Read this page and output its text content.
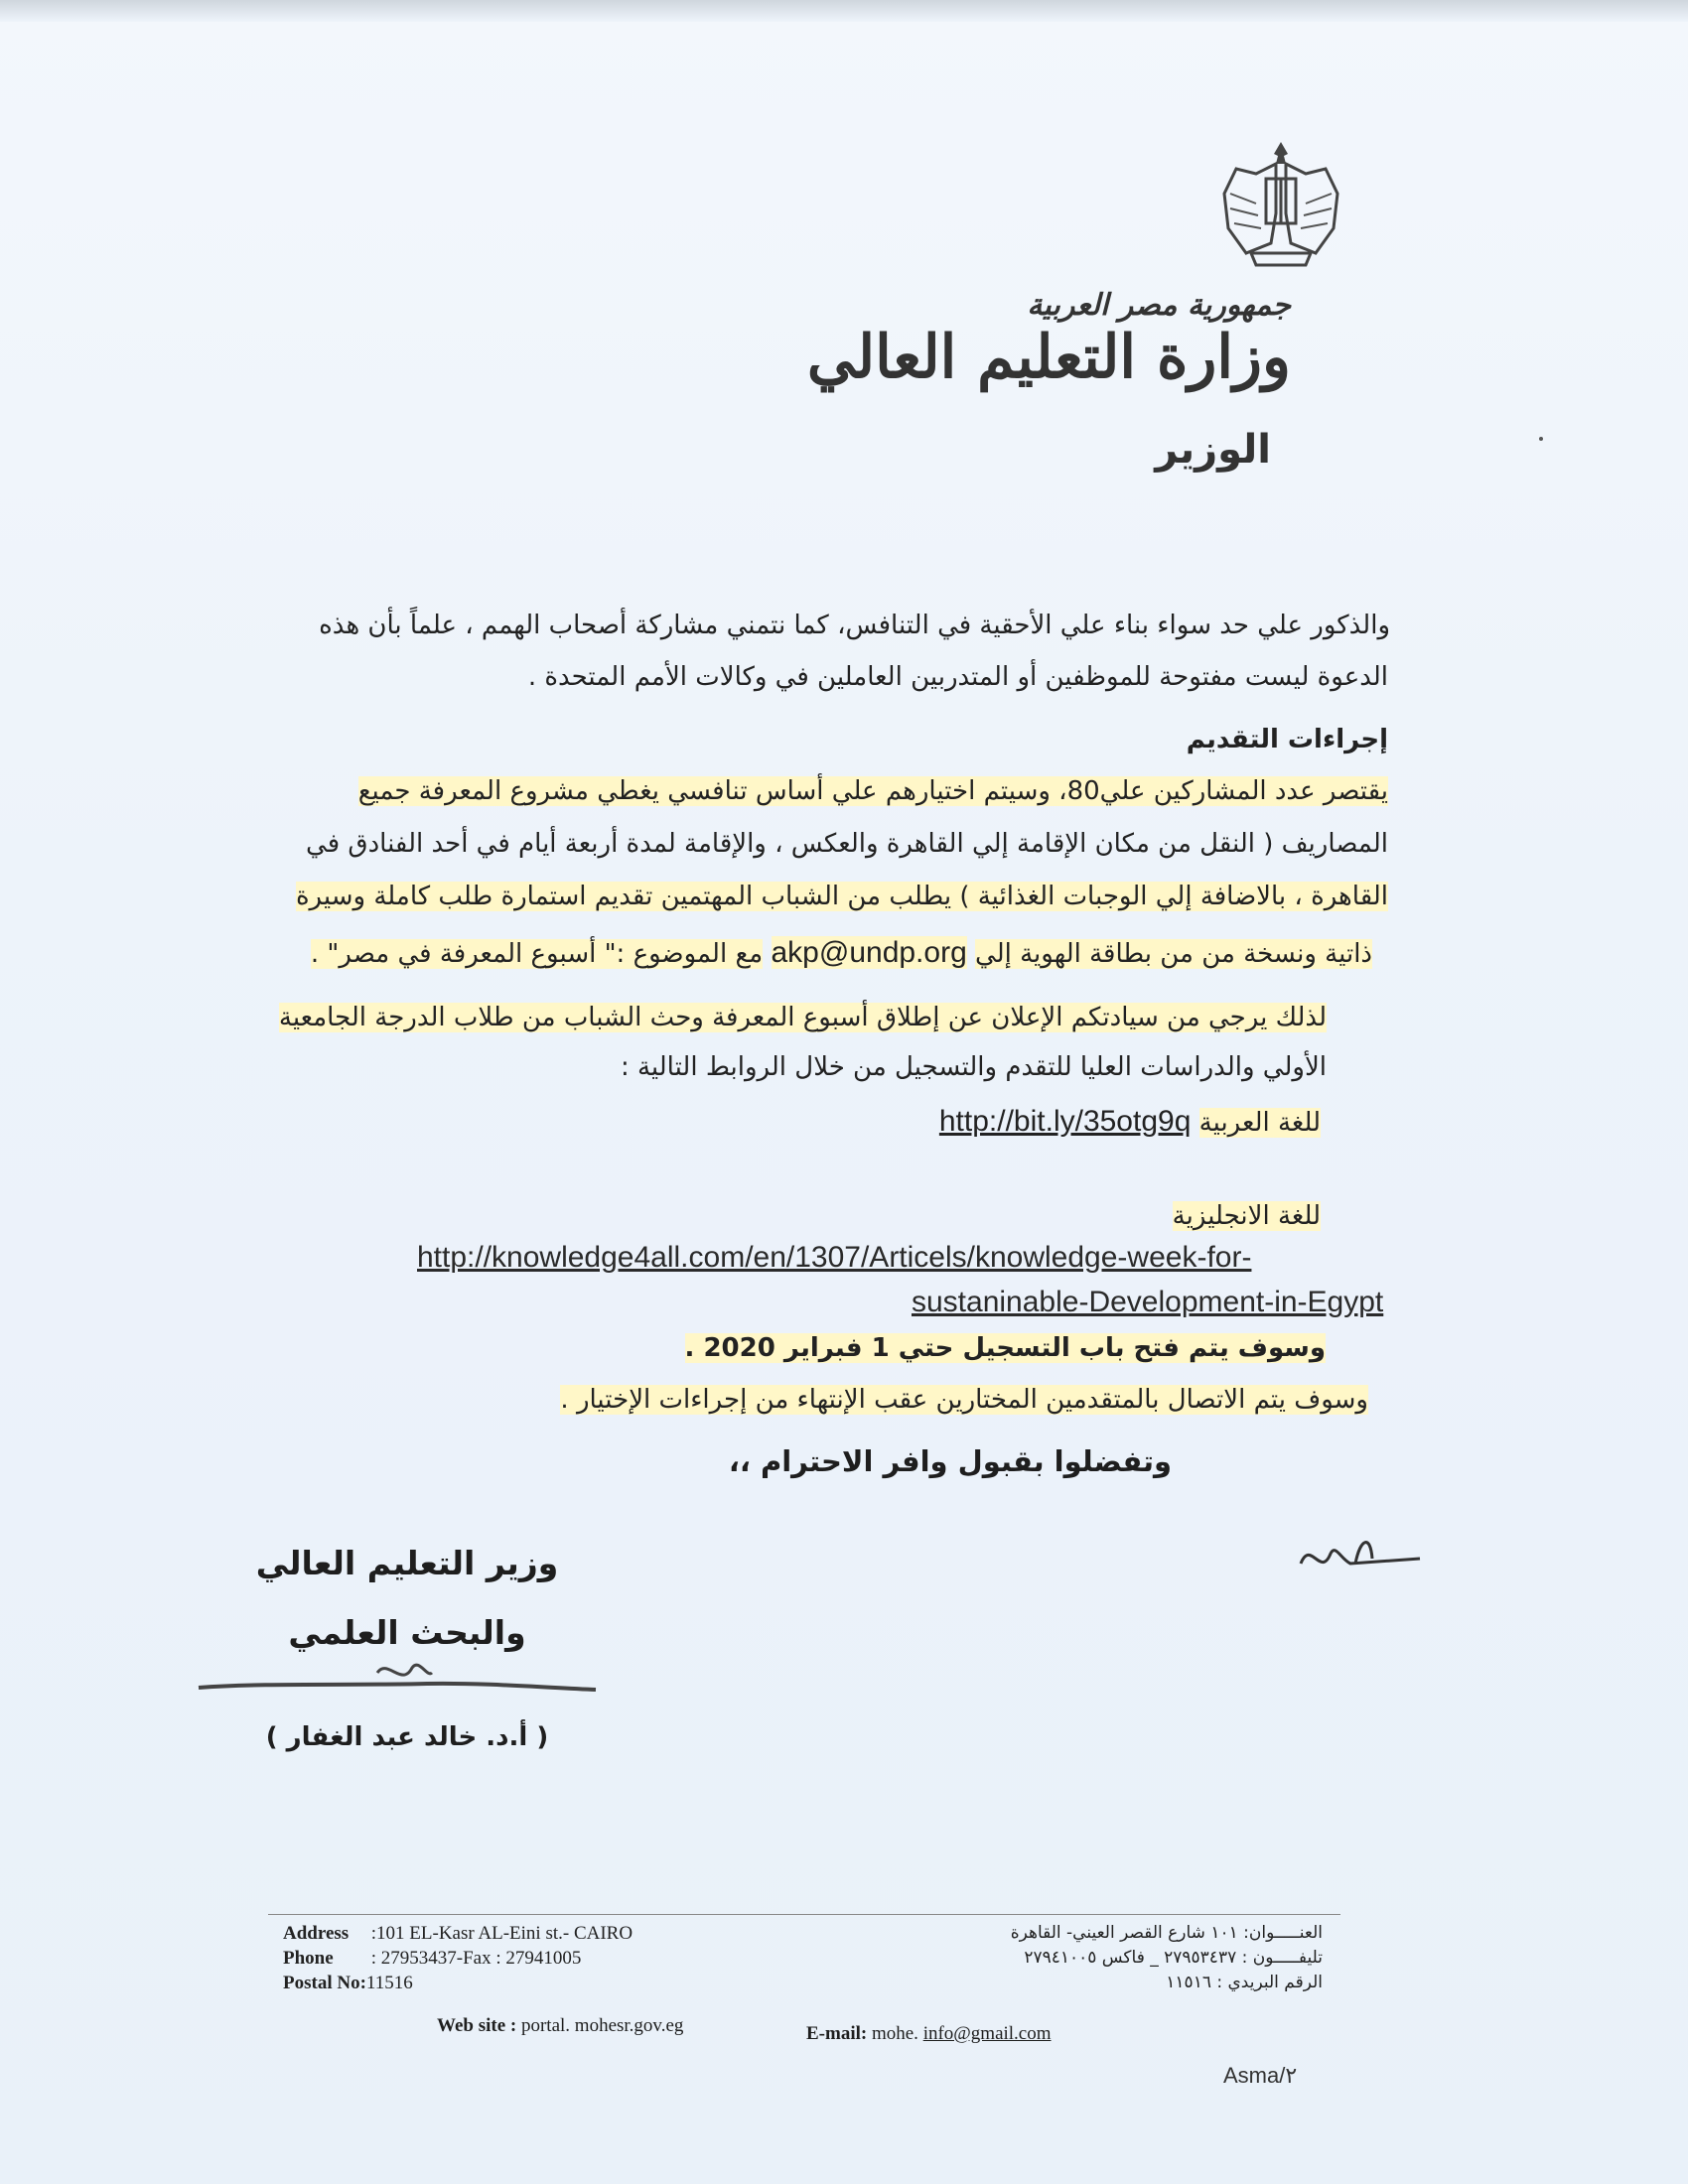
جمهورية مصر العربية
وزارة التعليم العالي
الوزير
والذكور علي حد سواء بناء علي الأحقية في التنافس، كما نتمني مشاركة أصحاب الهمم ، علماً بأن هذه
الدعوة ليست مفتوحة للموظفين أو المتدربين العاملين في وكالات الأمم المتحدة .
إجراءات التقديم
يقتصر عدد المشاركين علي80، وسيتم اختيارهم علي أساس تنافسي يغطي مشروع المعرفة جميع
المصاريف ( النقل من مكان الإقامة إلي القاهرة والعكس ، والإقامة لمدة أربعة أيام في أحد الفنادق في
القاهرة ، بالاضافة إلي الوجبات الغذائية ) يطلب من الشباب المهتمين تقديم استمارة طلب كاملة وسيرة
ذاتية ونسخة من من بطاقة الهوية إلي akp@undp.org مع الموضوع :" أسبوع المعرفة في مصر" .
لذلك يرجي من سيادتكم الإعلان عن إطلاق أسبوع المعرفة وحث الشباب من طلاب الدرجة الجامعية
الأولي والدراسات العليا للتقدم والتسجيل من خلال الروابط التالية :
للغة العربية http://bit.ly/35otg9q
للغة الانجليزية
http://knowledge4all.com/en/1307/Articels/knowledge-week-for-
sustaninable-Development-in-Egypt
وسوف يتم فتح باب التسجيل حتي 1 فبراير 2020 .
وسوف يتم الاتصال بالمتقدمين المختارين عقب الإنتهاء من إجراءات الإختيار .
وتفضلوا بقبول وافر الاحترام ،،
وزير التعليم العالي
والبحث العلمي
( أ.د. خالد عبد الغفار )
Address :101 EL-Kasr AL-Eini st.- CAIRO
Phone : 27953437-Fax : 27941005
Postal No:11516
العنـــــوان: ١٠١ شارع القصر العيني- القاهرة
تليفـــــون : ٢٧٩٥٣٤٣٧ _ فاكس ٢٧٩٤١٠٠٥
الرقم البريدي : ١١٥١٦
Web site : portal. mohesr.gov.eg	E-mail: mohe. info@gmail.com
Asma/٢
